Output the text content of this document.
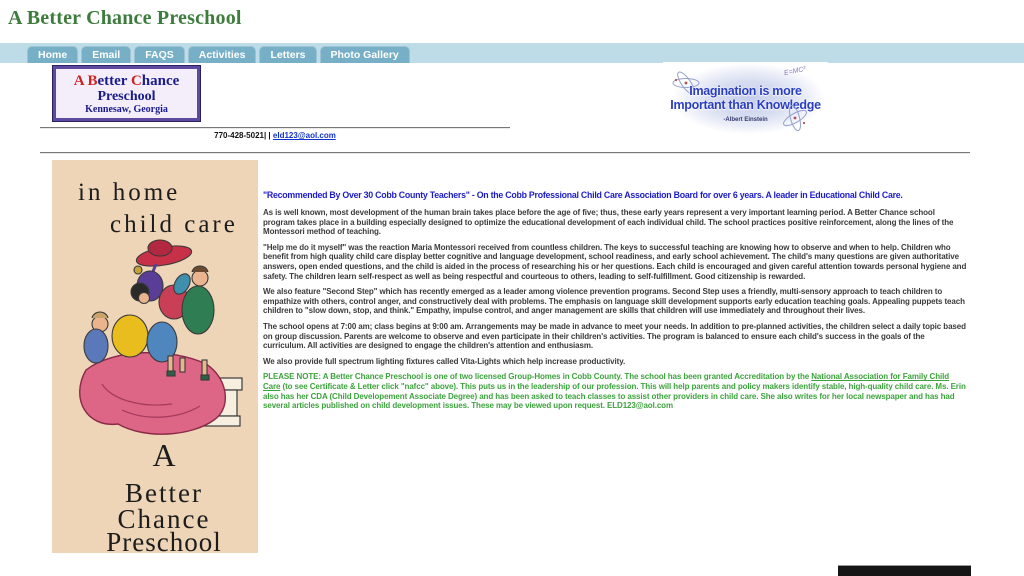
A Better Chance Preschool
Home	Email	FAQS	Activities	Letters	Photo Gallery
A Better Chance
Preschool
Kennesaw, Georgia
770-428-5021| | eld123@aol.com
E=MC²
Imagination is more
Important than Knowledge
-Albert Einstein
in home
child care
A
Better
Chance
Preschool
"Recommended By Over 30 Cobb County Teachers" - On the Cobb Professional Child Care Association Board for over 6 years. A leader in Educational Child Care.
As is well known, most development of the human brain takes place before the age of five; thus, these early years represent a very important learning period. A Better Chance school program takes place in a building especially designed to optimize the educational development of each individual child. The school practices positive reinforcement, along the lines of the Montessori method of teaching.
"Help me do it myself" was the reaction Maria Montessori received from countless children. The keys to successful teaching are knowing how to observe and when to help. Children who benefit from high quality child care display better cognitive and language development, school readiness, and early school achievement. The child's many questions are given authoritative answers, open ended questions, and the child is aided in the process of researching his or her questions. Each child is encouraged and given careful attention towards personal hygiene and safety. The children learn self-respect as well as being respectful and courteous to others, leading to self-fulfillment. Good citizenship is rewarded.
We also feature "Second Step" which has recently emerged as a leader among violence prevention programs. Second Step uses a friendly, multi-sensory approach to teach children to empathize with others, control anger, and constructively deal with problems. The emphasis on language skill development supports early education teaching goals. Appealing puppets teach children to "slow down, stop, and think." Empathy, impulse control, and anger management are skills that children will use immediately and throughout their lives.
The school opens at 7:00 am; class begins at 9:00 am. Arrangements may be made in advance to meet your needs. In addition to pre-planned activities, the children select a daily topic based on group discussion. Parents are welcome to observe and even participate in their children's activities. The program is balanced to ensure each child's success in the goals of the curriculum. All activities are designed to engage the children's attention and enthusiasm.
We also provide full spectrum lighting fixtures called Vita-Lights which help increase productivity.
PLEASE NOTE: A Better Chance Preschool is one of two licensed Group-Homes in Cobb County. The school has been granted Accreditation by the National Association for Family Child Care (to see Certificate & Letter click "nafcc" above). This puts us in the leadership of our profession. This will help parents and policy makers identify stable, high-quality child care. Ms. Erin also has her CDA (Child Developement Associate Degree) and has been asked to teach classes to assist other providers in child care. She also writes for her local newspaper and has had several articles published on child development issues. These may be viewed upon request. ELD123@aol.com
